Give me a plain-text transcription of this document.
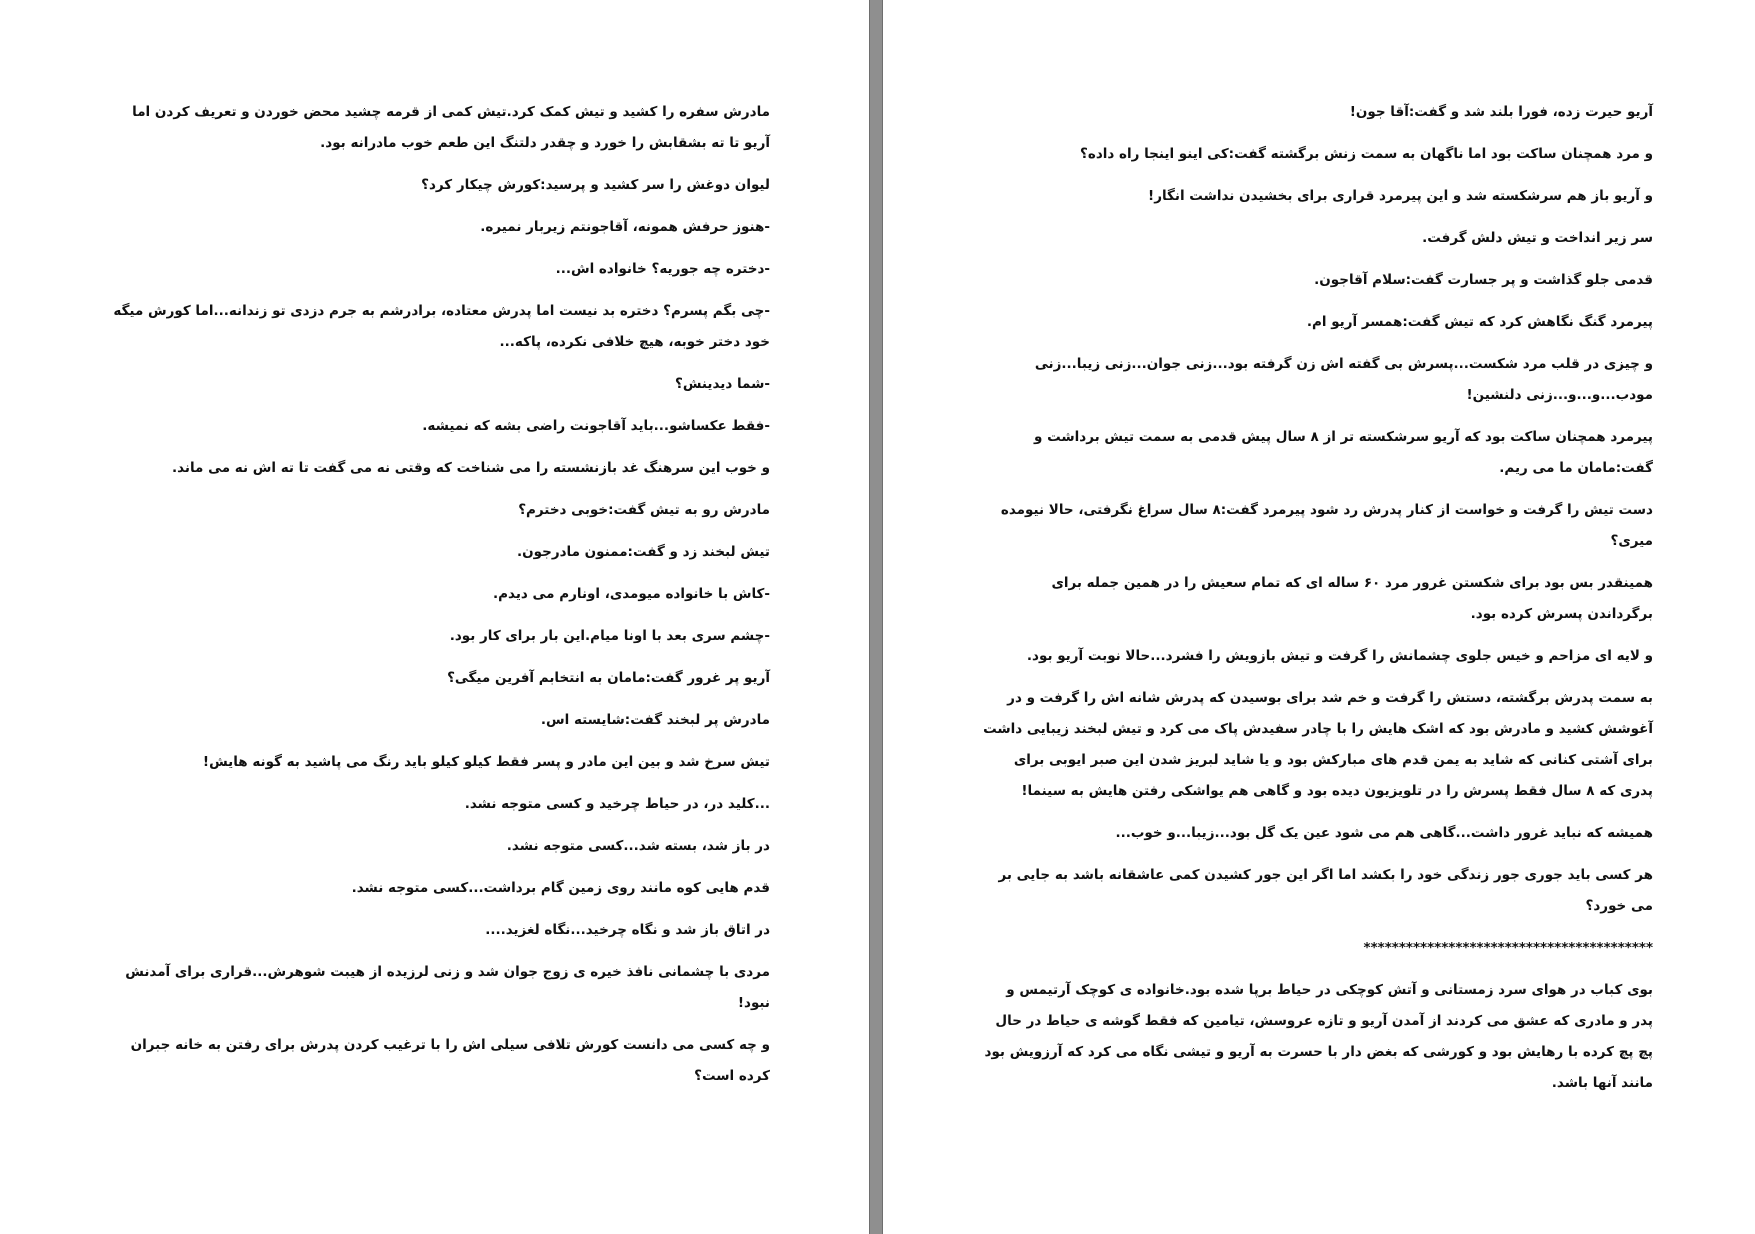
مادرش سفره را کشید و تیش کمک کرد.تیش کمی از قرمه چشید محض خوردن و تعریف کردن اما آریو تا ته بشقابش را خورد و چقدر دلتنگ این طعم خوب مادرانه بود.

لیوان دوغش را سر کشید و پرسید:کورش چیکار کرد؟

-هنوز حرفش همونه، آقاجونتم زیربار نمیره.

-دختره چه جوریه؟ خانواده اش...

-چی بگم پسرم؟ دختره بد نیست اما پدرش معتاده، برادرشم به جرم دزدی تو زندانه...اما کورش میگه خود دختر خوبه، هیچ خلافی نکرده، پاکه...

-شما دیدینش؟

-فقط عکساشو...باید آقاجونت راضی بشه که نمیشه.

و خوب این سرهنگ غد بازنشسته را می شناخت که وقتی نه می گفت تا ته اش نه می ماند.

مادرش رو به تیش گفت:خوبی دخترم؟

تیش لبخند زد و گفت:ممنون مادرجون.

-کاش با خانواده میومدی، اونارم می دیدم.

-چشم سری بعد با اونا میام.این بار برای کار بود.

آریو پر غرور گفت:مامان به انتخابم آفرین میگی؟

مادرش پر لبخند گفت:شایسته اس.

تیش سرخ شد و بین این مادر و پسر فقط کیلو کیلو باید رنگ می پاشید به گونه هایش!

...کلید در، در حیاط چرخید و کسی متوجه نشد.

در باز شد، بسته شد...کسی متوجه نشد.

قدم هایی کوه مانند روی زمین گام برداشت...کسی متوجه نشد.

در اتاق باز شد و نگاه چرخید...نگاه لغزید....

مردی با چشمانی نافذ خیره ی زوج جوان شد و زنی لرزیده از هیبت شوهرش...قراری برای آمدنش نبود!

و چه کسی می دانست کورش تلافی سیلی اش را با ترغیب کردن پدرش برای رفتن به خانه جبران کرده است؟

آریو حیرت زده، فورا بلند شد و گفت:آقا جون!

و مرد همچنان ساکت بود اما ناگهان به سمت زنش برگشته گفت:کی اینو اینجا راه داده؟

و آریو باز هم سرشکسته شد و این پیرمرد قراری برای بخشیدن نداشت انگار!

سر زیر انداخت و تیش دلش گرفت.

قدمی جلو گذاشت و پر جسارت گفت:سلام آقاجون.

پیرمرد گنگ نگاهش کرد که تیش گفت:همسر آریو ام.

و چیزی در قلب مرد شکست...پسرش بی گفته اش زن گرفته بود...زنی جوان...زنی زیبا...زنی مودب...و...و...زنی دلنشین!

پیرمرد همچنان ساکت بود که آریو سرشکسته تر از ۸ سال پیش قدمی به سمت تیش برداشت و گفت:مامان ما می ریم.

دست تیش را گرفت و خواست از کنار پدرش رد شود پیرمرد گفت:۸ سال سراغ نگرفتی، حالا نیومده میری؟

همینقدر بس بود برای شکستن غرور مرد ۶۰ ساله ای که تمام سعیش را در همین جمله برای برگرداندن پسرش کرده بود.

و لایه ای مزاحم و خیس جلوی چشمانش را گرفت و تیش بازویش را فشرد...حالا نوبت آریو بود.

به سمت پدرش برگشته، دستش را گرفت و خم شد برای بوسیدن که پدرش شانه اش را گرفت و در آغوشش کشید و مادرش بود که اشک هایش را با چادر سفیدش پاک می کرد و تیش لبخند زیبایی داشت برای آشتی کنانی که شاید به یمن قدم های مبارکش بود و یا شاید لبریز شدن این صبر ایوبی برای پدری که ۸ سال فقط پسرش را در تلویزیون دیده بود و گاهی هم یواشکی رفتن هایش به سینما!

همیشه که نباید غرور داشت...گاهی هم می شود عین یک گل بود...زیبا...و خوب...

هر کسی باید جوری جور زندگی خود را بکشد اما اگر این جور کشیدن کمی عاشقانه باشد به جایی بر می خورد؟

*****************************************

بوی کباب در هوای سرد زمستانی و آتش کوچکی در حیاط برپا شده بود.خانواده ی کوچک آرتیمس و پدر و مادری که عشق می کردند از آمدن آریو و تازه عروسش، تیامین که فقط گوشه ی حیاط در حال پچ پچ کرده با رهایش بود و کورشی که بغض دار با حسرت به آریو و تیشی نگاه می کرد که آرزویش بود مانند آنها باشد.
